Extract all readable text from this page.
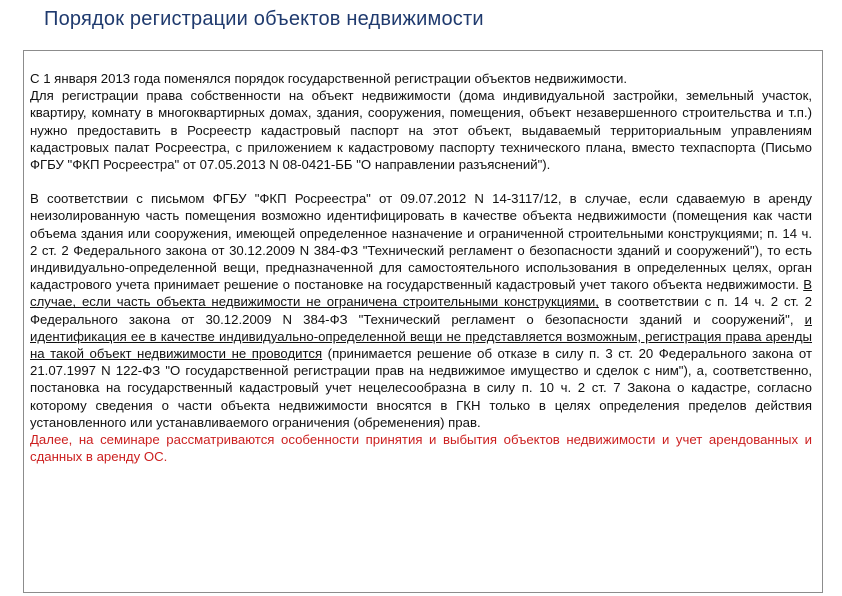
Порядок регистрации объектов недвижимости

С 1 января 2013 года поменялся порядок государственной регистрации объектов недвижимости.

Для регистрации права собственности на объект недвижимости (дома индивидуальной застройки, земельный участок, квартиру, комнату в многоквартирных домах, здания, сооружения, помещения, объект незавершенного строительства и т.п.) нужно предоставить в Росреестр кадастровый паспорт на этот объект, выдаваемый территориальным управлениям кадастровых палат Росреестра, с приложением к кадастровому паспорту технического плана, вместо техпаспорта (Письмо ФГБУ "ФКП Росреестра" от 07.05.2013 N 08-0421-ББ "О направлении разъяснений").

В соответствии с письмом ФГБУ "ФКП Росреестра" от 09.07.2012 N 14-3117/12, в случае, если сдаваемую в аренду неизолированную часть помещения возможно идентифицировать в качестве объекта недвижимости (помещения как части объема здания или сооружения, имеющей определенное назначение и ограниченной строительными конструкциями; п. 14 ч. 2 ст. 2 Федерального закона от 30.12.2009 N 384-ФЗ "Технический регламент о безопасности зданий и сооружений"), то есть индивидуально-определенной вещи, предназначенной для самостоятельного использования в определенных целях, орган кадастрового учета принимает решение о постановке на государственный кадастровый учет такого объекта недвижимости. В случае, если часть объекта недвижимости не ограничена строительными конструкциями, в соответствии с п. 14 ч. 2 ст. 2 Федерального закона от 30.12.2009 N 384-ФЗ "Технический регламент о безопасности зданий и сооружений", и идентификация ее в качестве индивидуально-определенной вещи не представляется возможным, регистрация права аренды на такой объект недвижимости не проводится (принимается решение об отказе в силу п. 3 ст. 20 Федерального закона от 21.07.1997 N 122-ФЗ "О государственной регистрации прав на недвижимое имущество и сделок с ним"), а, соответственно, постановка на государственный кадастровый учет нецелесообразна в силу п. 10 ч. 2 ст. 7 Закона о кадастре, согласно которому сведения о части объекта недвижимости вносятся в ГКН только в целях определения пределов действия установленного или устанавливаемого ограничения (обременения) прав.

Далее, на семинаре рассматриваются особенности принятия и выбытия объектов недвижимости и учет арендованных и сданных в аренду ОС.
